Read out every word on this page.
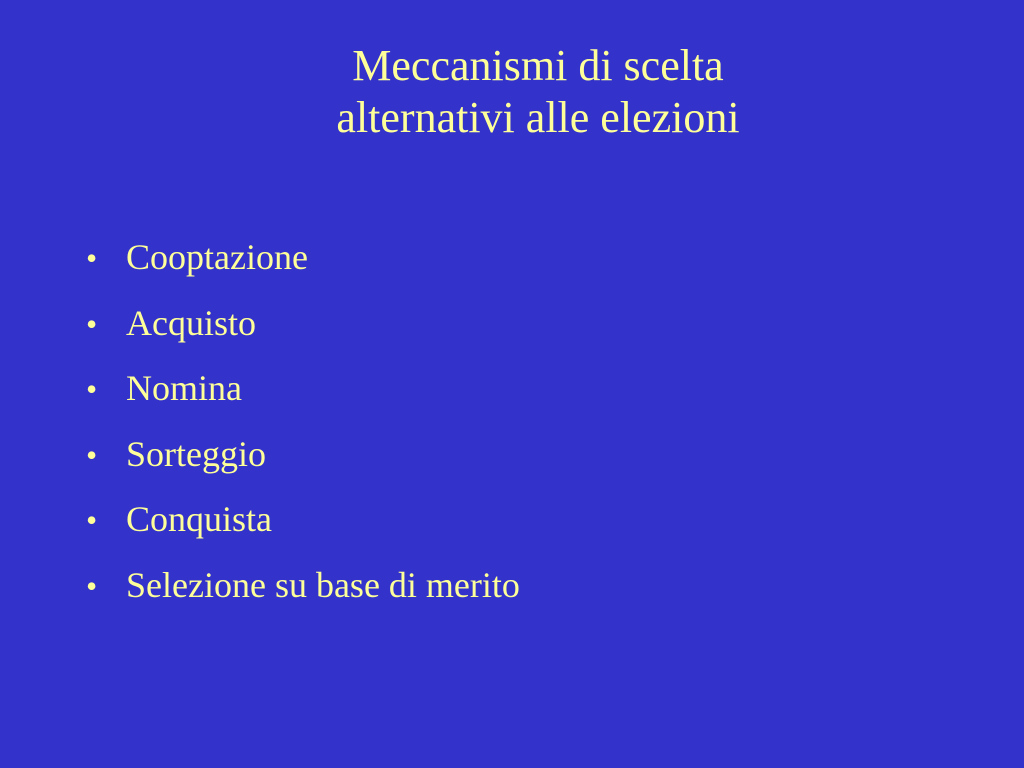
Meccanismi di scelta
alternativi alle elezioni
• Cooptazione
• Acquisto
• Nomina
• Sorteggio
• Conquista
• Selezione su base di merito
